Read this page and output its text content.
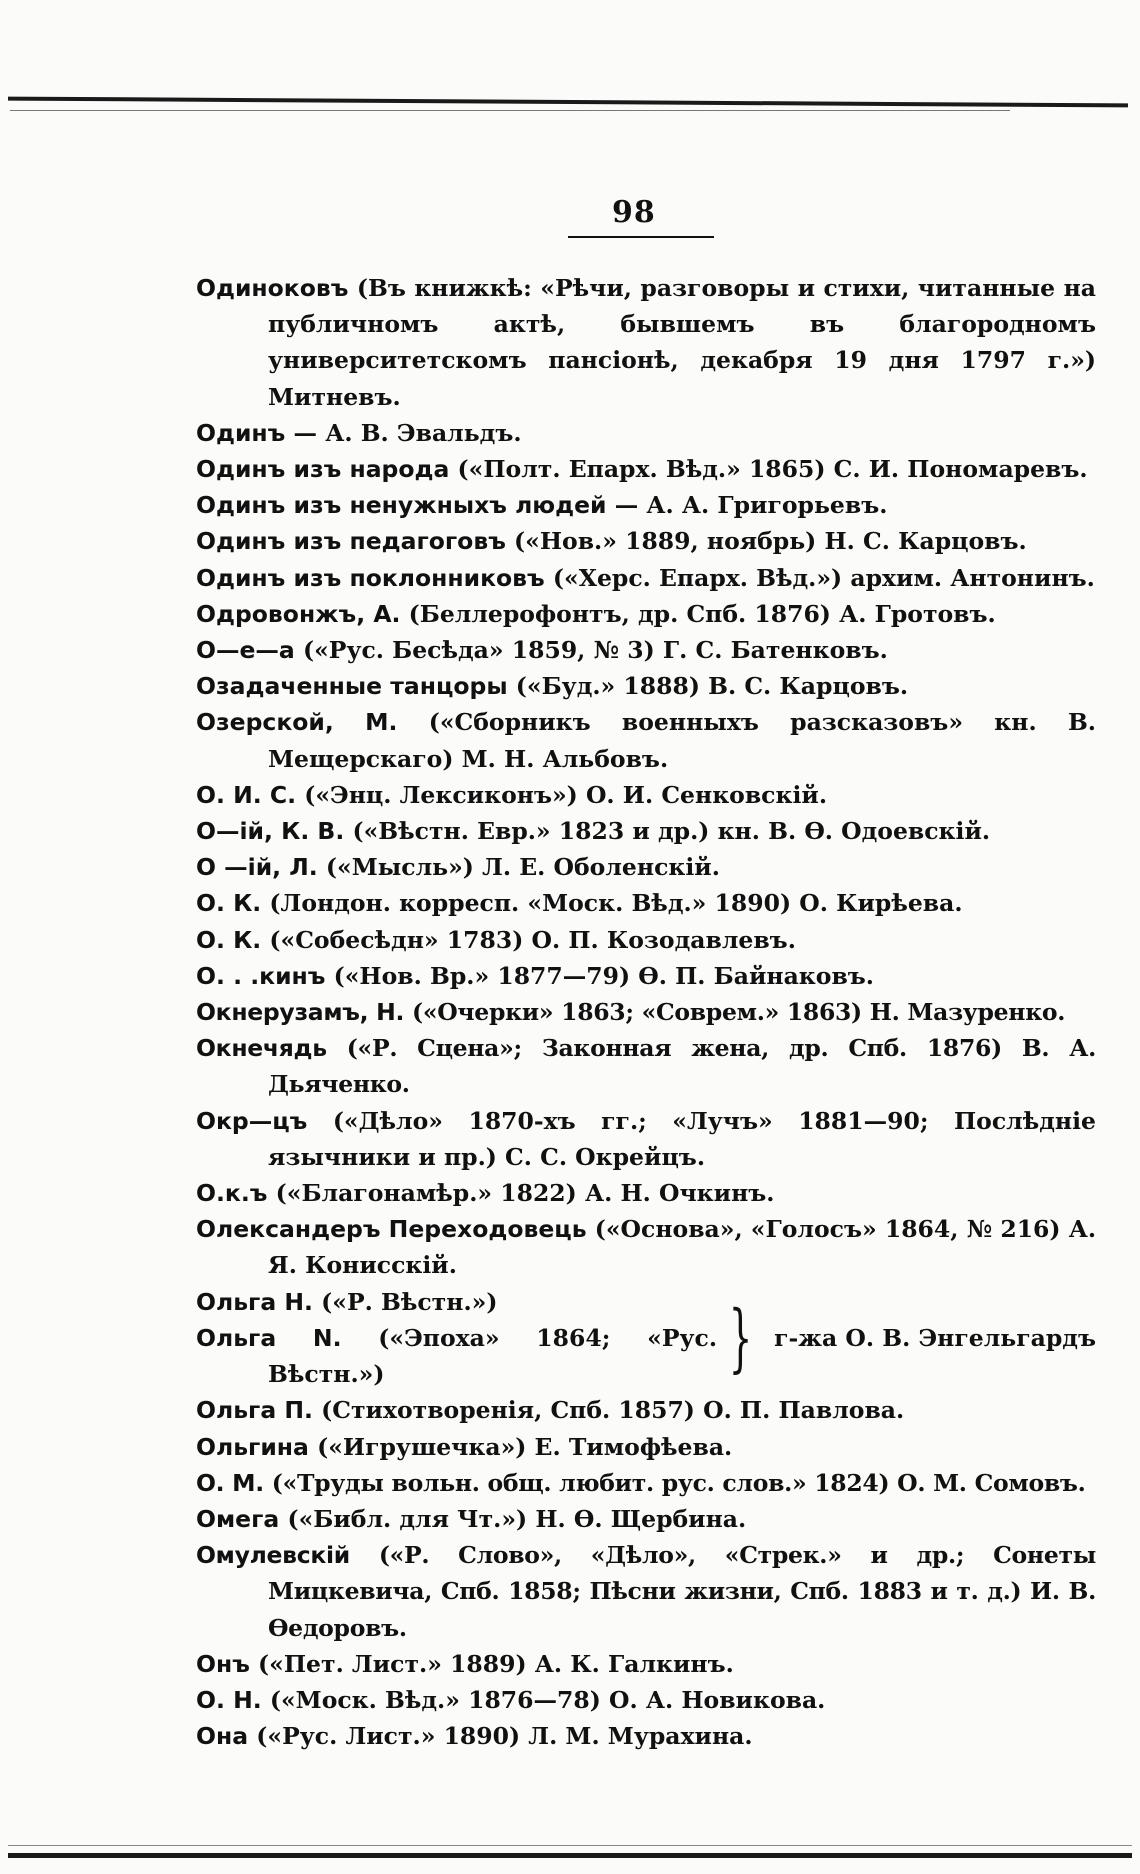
98

Одиноковъ (Въ книжкѣ: «Рѣчи, разговоры и стихи, читанные на публичномъ актѣ, бывшемъ въ благородномъ университетскомъ пансіонѣ, декабря 19 дня 1797 г.») Митневъ.

Одинъ — А. В. Эвальдъ.

Одинъ изъ народа («Полт. Епарх. Вѣд.» 1865) С. И. Пономаревъ.

Одинъ изъ ненужныхъ людей — А. А. Григорьевъ.

Одинъ изъ педагоговъ («Нов.» 1889, ноябрь) Н. С. Карцовъ.

Одинъ изъ поклонниковъ («Херс. Епарх. Вѣд.») архим. Антонинъ.

Одровонжъ, А. (Беллерофонтъ, др. Спб. 1876) А. Гротовъ.

О—е—а («Рус. Бесѣда» 1859, № 3) Г. С. Батенковъ.

Озадаченные танцоры («Буд.» 1888) В. С. Карцовъ.

Озерской, М. («Сборникъ военныхъ разсказовъ» кн. В. Мещерскаго) М. Н. Альбовъ.

О. И. С. («Энц. Лексиконъ») О. И. Сенковскій.

О—ій, К. В. («Вѣстн. Евр.» 1823 и др.) кн. В. Ѳ. Одоевскій.

О —ій, Л. («Мысль») Л. Е. Оболенскій.

О. К. (Лондон. корресп. «Моск. Вѣд.» 1890) О. Кирѣева.

О. К. («Собесѣдн» 1783) О. П. Козодавлевъ.

О. . .кинъ («Нов. Вр.» 1877—79) Ѳ. П. Байнаковъ.

Окнерузамъ, Н. («Очерки» 1863; «Соврем.» 1863) Н. Мазуренко.

Окнечядь («Р. Сцена»; Законная жена, др. Спб. 1876) В. А. Дьяченко.

Окр—цъ («Дѣло» 1870-хъ гг.; «Лучъ» 1881—90; Послѣдніе язычники и пр.) С. С. Окрейцъ.

О.к.ъ («Благонамѣр.» 1822) А. Н. Очкинъ.

Олександеръ Переходовець («Основа», «Голосъ» 1864, № 216) А. Я. Конисскій.

Ольга Н. («Р. Вѣстн.»)

Ольга N. («Эпоха» 1864; «Рус. Вѣстн.»)	} г-жа О. В. Энгельгардъ

Ольга П. (Стихотворенія, Спб. 1857) О. П. Павлова.

Ольгина («Игрушечка») Е. Тимофѣева.

О. М. («Труды вольн. общ. любит. рус. слов.» 1824) О. М. Сомовъ.

Омега («Библ. для Чт.») Н. Ѳ. Щербина.

Омулевскій («Р. Слово», «Дѣло», «Стрек.» и др.; Сонеты Мицкевича, Спб. 1858; Пѣсни жизни, Спб. 1883 и т. д.) И. В. Ѳедоровъ.

Онъ («Пет. Лист.» 1889) А. К. Галкинъ.

О. Н. («Моск. Вѣд.» 1876—78) О. А. Новикова.

Она («Рус. Лист.» 1890) Л. М. Мурахина.
